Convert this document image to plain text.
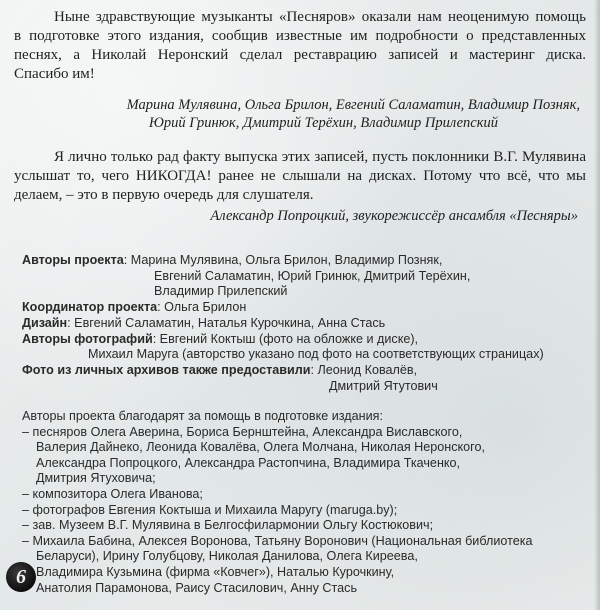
Ныне здравствующие музыканты «Песняров» оказали нам неоценимую помощь
в подготовке этого издания, сообщив известные им подробности о представленных
песнях, а Николай Неронский сделал реставрацию записей и мастеринг диска.
Спасибо им!
Марина Мулявина, Ольга Брилон, Евгений Саламатин, Владимир Позняк,
Юрий Гринюк, Дмитрий Терёхин, Владимир Прилепский
Я лично только рад факту выпуска этих записей, пусть поклонники В.Г. Мулявина
услышат то, чего НИКОГДА! ранее не слышали на дисках. Потому что всё, что мы
делаем, – это в первую очередь для слушателя.
Александр Попроцкий, звукорежиссёр ансамбля «Песняры»
Авторы проекта: Марина Мулявина, Ольга Брилон, Владимир Позняк,
Евгений Саламатин, Юрий Гринюк, Дмитрий Терёхин,
Владимир Прилепский
Координатор проекта: Ольга Брилон
Дизайн: Евгений Саламатин, Наталья Курочкина, Анна Стась
Авторы фотографий: Евгений Коктыш (фото на обложке и диске),
Михаил Маруга (авторство указано под фото на соответствующих страницах)
Фото из личных архивов также предоставили: Леонид Ковалёв,
Дмитрий Ятутович
Авторы проекта благодарят за помощь в подготовке издания:
– песняров Олега Аверина, Бориса Бернштейна, Александра Виславского,
Валерия Дайнеко, Леонида Ковалёва, Олега Молчана, Николая Неронского,
Александра Попроцкого, Александра Растопчина, Владимира Ткаченко,
Дмитрия Ятуховича;
– композитора Олега Иванова;
– фотографов Евгения Коктыша и Михаила Маругу (maruga.by);
– зав. Музеем В.Г. Мулявина в Белгосфилармонии Ольгу Костюкович;
– Михаила Бабина, Алексея Воронова, Татьяну Воронович (Национальная библиотека
Беларуси), Ирину Голубцову, Николая Данилова, Олега Киреева,
Владимира Кузьмина (фирма «Ковчег»), Наталью Курочкину,
Анатолия Парамонова, Раису Стасилович, Анну Стась
6
